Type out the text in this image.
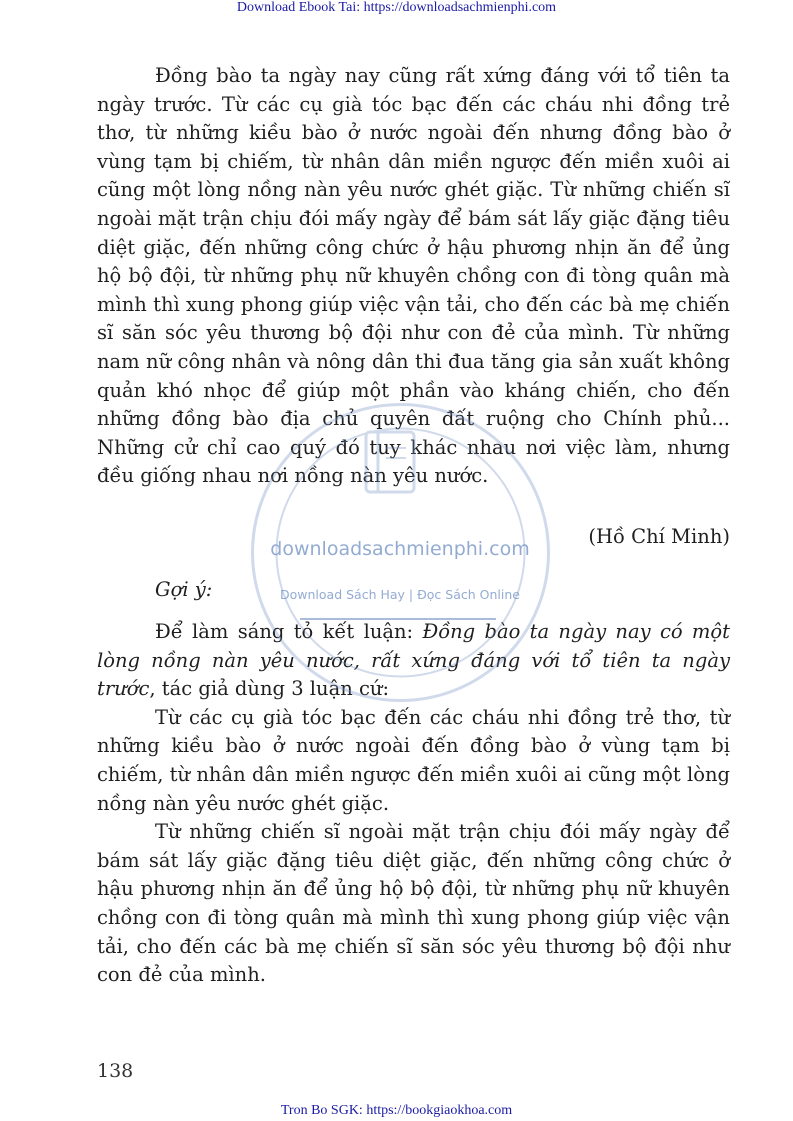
Download Ebook Tai: https://downloadsachmienphi.com

Đồng bào ta ngày nay cũng rất xứng đáng với tổ tiên ta ngày trước. Từ các cụ già tóc bạc đến các cháu nhi đồng trẻ thơ, từ những kiều bào ở nước ngoài đến nhưng đồng bào ở vùng tạm bị chiếm, từ nhân dân miền ngược đến miền xuôi ai cũng một lòng nồng nàn yêu nước ghét giặc. Từ những chiến sĩ ngoài mặt trận chịu đói mấy ngày để bám sát lấy giặc đặng tiêu diệt giặc, đến những công chức ở hậu phương nhịn ăn để ủng hộ bộ đội, từ những phụ nữ khuyên chồng con đi tòng quân mà mình thì xung phong giúp việc vận tải, cho đến các bà mẹ chiến sĩ săn sóc yêu thương bộ đội như con đẻ của mình. Từ những nam nữ công nhân và nông dân thi đua tăng gia sản xuất không quản khó nhọc để giúp một phần vào kháng chiến, cho đến những đồng bào địa chủ quyên đất ruộng cho Chính phủ... Những cử chỉ cao quý đó tuy khác nhau nơi việc làm, nhưng đều giống nhau nơi nồng nàn yêu nước.

(Hồ Chí Minh)
Gợi ý:

Để làm sáng tỏ kết luận: Đồng bào ta ngày nay có một lòng nồng nàn yêu nước, rất xứng đáng với tổ tiên ta ngày trước, tác giả dùng 3 luận cứ:

Từ các cụ già tóc bạc đến các cháu nhi đồng trẻ thơ, từ những kiều bào ở nước ngoài đến đồng bào ở vùng tạm bị chiếm, từ nhân dân miền ngược đến miền xuôi ai cũng một lòng nồng nàn yêu nước ghét giặc.

Từ những chiến sĩ ngoài mặt trận chịu đói mấy ngày để bám sát lấy giặc đặng tiêu diệt giặc, đến những công chức ở hậu phương nhịn ăn để ủng hộ bộ đội, từ những phụ nữ khuyên chồng con đi tòng quân mà mình thì xung phong giúp việc vận tải, cho đến các bà mẹ chiến sĩ săn sóc yêu thương bộ đội như con đẻ của mình.

138
Tron Bo SGK: https://bookgiaokhoa.com
downloadsachmienphi.com
Download Sách Hay | Đọc Sách Online
